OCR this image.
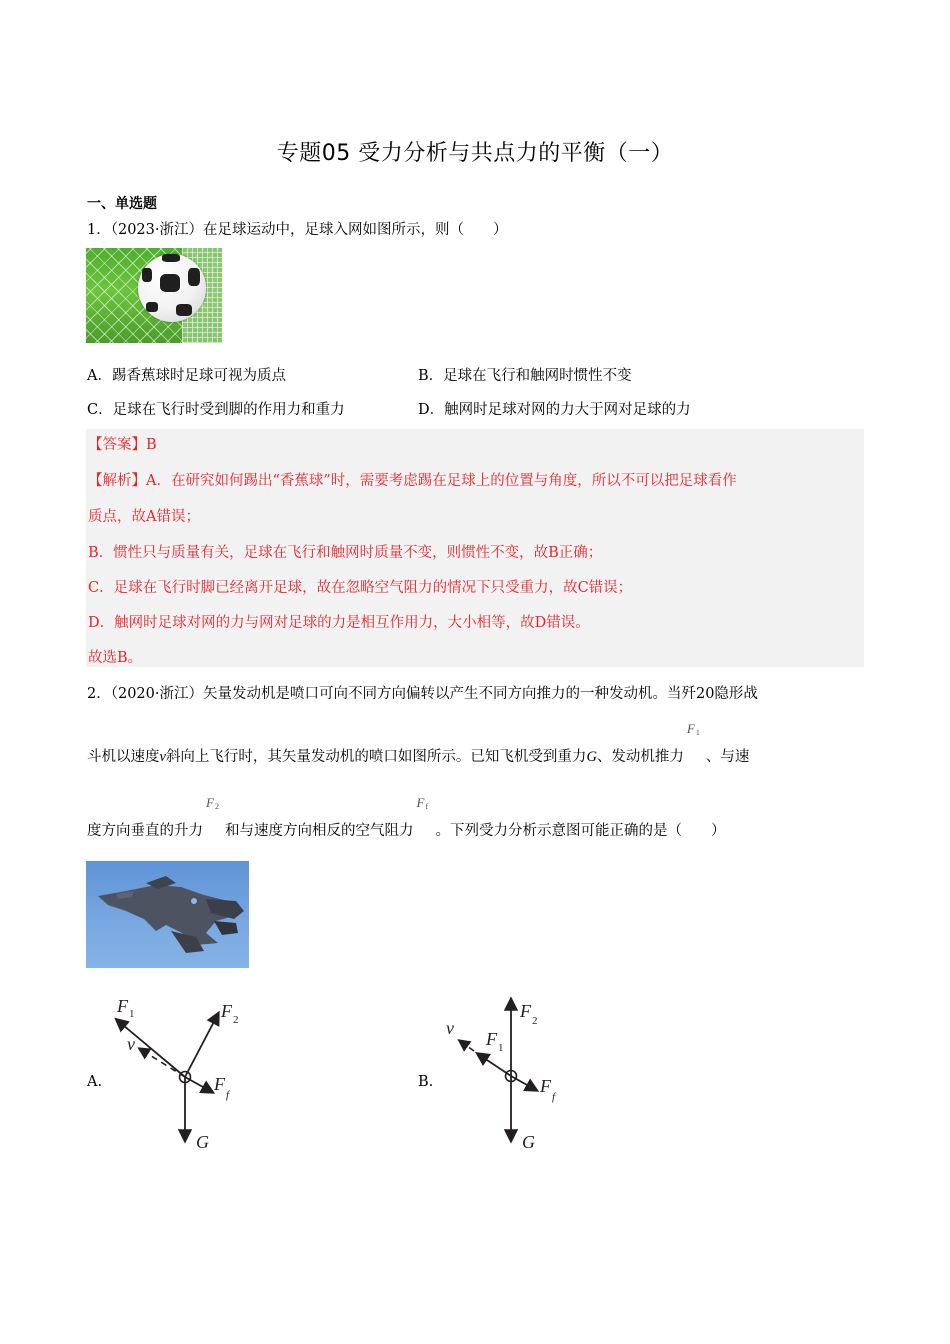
专题05 受力分析与共点力的平衡（一）
一、单选题
1．（2023·浙江）在足球运动中，足球入网如图所示，则（　　）
A．踢香蕉球时足球可视为质点	B．足球在飞行和触网时惯性不变
C．足球在飞行时受到脚的作用力和重力	D．触网时足球对网的力大于网对足球的力
【答案】B
【解析】A．在研究如何踢出“香蕉球”时，需要考虑踢在足球上的位置与角度，所以不可以把足球看作
质点，故A错误；
B．惯性只与质量有关，足球在飞行和触网时质量不变，则惯性不变，故B正确；
C．足球在飞行时脚已经离开足球，故在忽略空气阻力的情况下只受重力，故C错误；
D．触网时足球对网的力与网对足球的力是相互作用力，大小相等，故D错误。
故选B。
2．（2020·浙江）矢量发动机是喷口可向不同方向偏转以产生不同方向推力的一种发动机。当歼20隐形战
斗机以速度v斜向上飞行时，其矢量发动机的喷口如图所示。已知飞机受到重力G、发动机推力
F 1
、与速
度方向垂直的升力
F 2
和与速度方向相反的空气阻力
F f
。下列受力分析示意图可能正确的是（　　）
A.
F 1	F 2
v
F
f
G
B.
F 2
v
F 1
F
f
G
